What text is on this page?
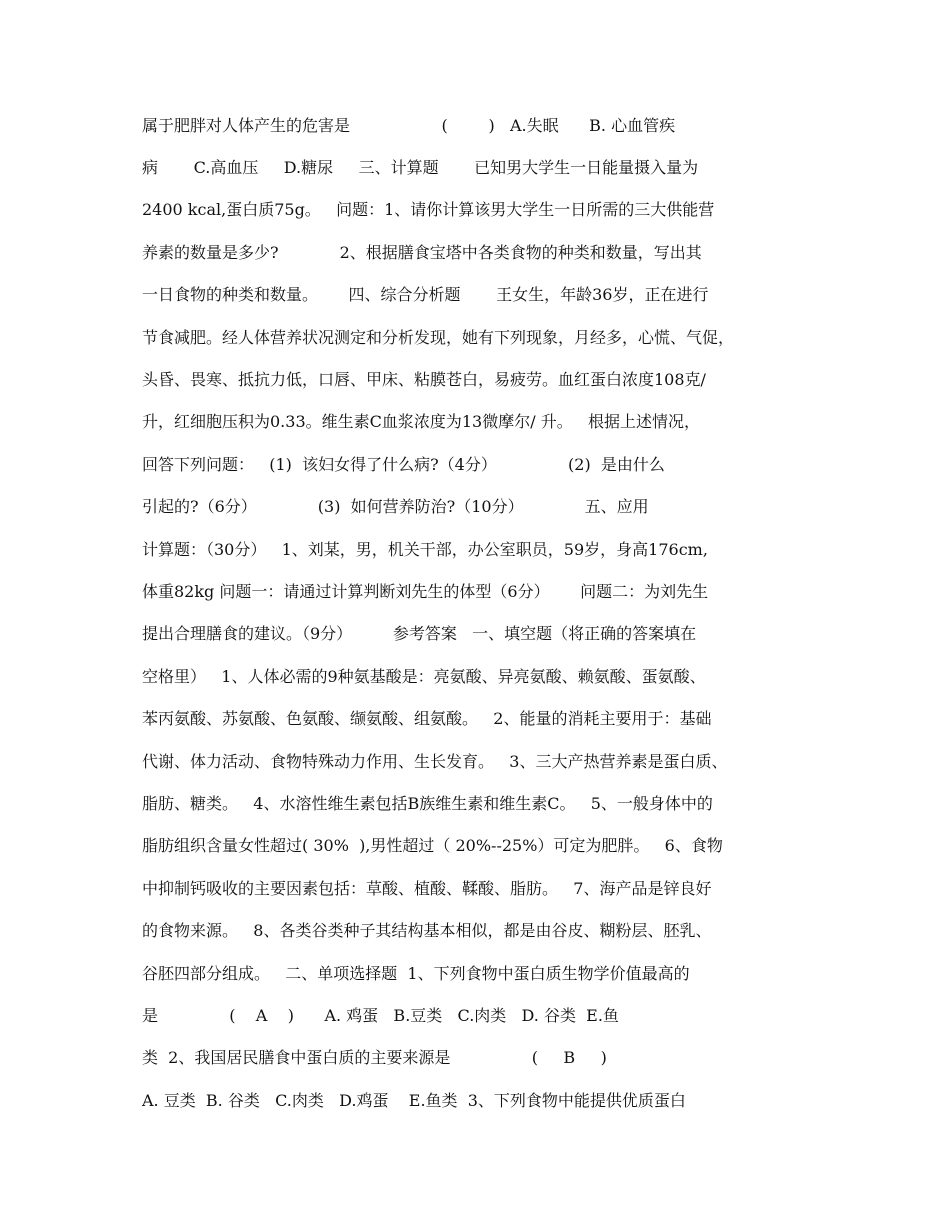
属于肥胖对人体产生的危害是                  (        )   A.失眠      B. 心血管疾
病       C.高血压     D.糖尿     三、计算题       已知男大学生一日能量摄入量为
2400 kcal,蛋白质75g。   问题：1、请你计算该男大学生一日所需的三大供能营
养素的数量是多少?            2、根据膳食宝塔中各类食物的种类和数量，写出其
一日食物的种类和数量。      四、综合分析题       王女生，年龄36岁，正在进行
节食减肥。经人体营养状况测定和分析发现，她有下列现象，月经多，心慌、气促，
头昏、畏寒、抵抗力低，口唇、甲床、粘膜苍白，易疲劳。血红蛋白浓度108克/
升，红细胞压积为0.33。维生素C血浆浓度为13微摩尔/ 升。   根据上述情况，
回答下列问题：   (1)  该妇女得了什么病?（4分）              (2)  是由什么
引起的?（6分）            (3)  如何营养防治?（10分）            五、应用
计算题：（30分）   1、刘某，男，机关干部，办公室职员，59岁，身高176cm,
体重82kg 问题一：请通过计算判断刘先生的体型（6分）      问题二：为刘先生
提出合理膳食的建议。（9分）        参考答案   一、填空题（将正确的答案填在
空格里）   1、人体必需的9种氨基酸是：亮氨酸、异亮氨酸、赖氨酸、蛋氨酸、
苯丙氨酸、苏氨酸、色氨酸、缬氨酸、组氨酸。   2、能量的消耗主要用于：基础
代谢、体力活动、食物特殊动力作用、生长发育。   3、三大产热营养素是蛋白质、
脂肪、糖类。   4、水溶性维生素包括B族维生素和维生素C。   5、一般身体中的
脂肪组织含量女性超过( 30%  ),男性超过（ 20%--25%）可定为肥胖。   6、食物
中抑制钙吸收的主要因素包括：草酸、植酸、鞣酸、脂肪。   7、海产品是锌良好
的食物来源。   8、各类谷类种子其结构基本相似，都是由谷皮、糊粉层、胚乳、
谷胚四部分组成。   二、单项选择题  1、下列食物中蛋白质生物学价值最高的
是              (    A    )      A. 鸡蛋   B.豆类   C.肉类   D. 谷类  E.鱼
类  2、我国居民膳食中蛋白质的主要来源是                (     B     )
A. 豆类  B. 谷类   C.肉类   D.鸡蛋    E.鱼类  3、下列食物中能提供优质蛋白
